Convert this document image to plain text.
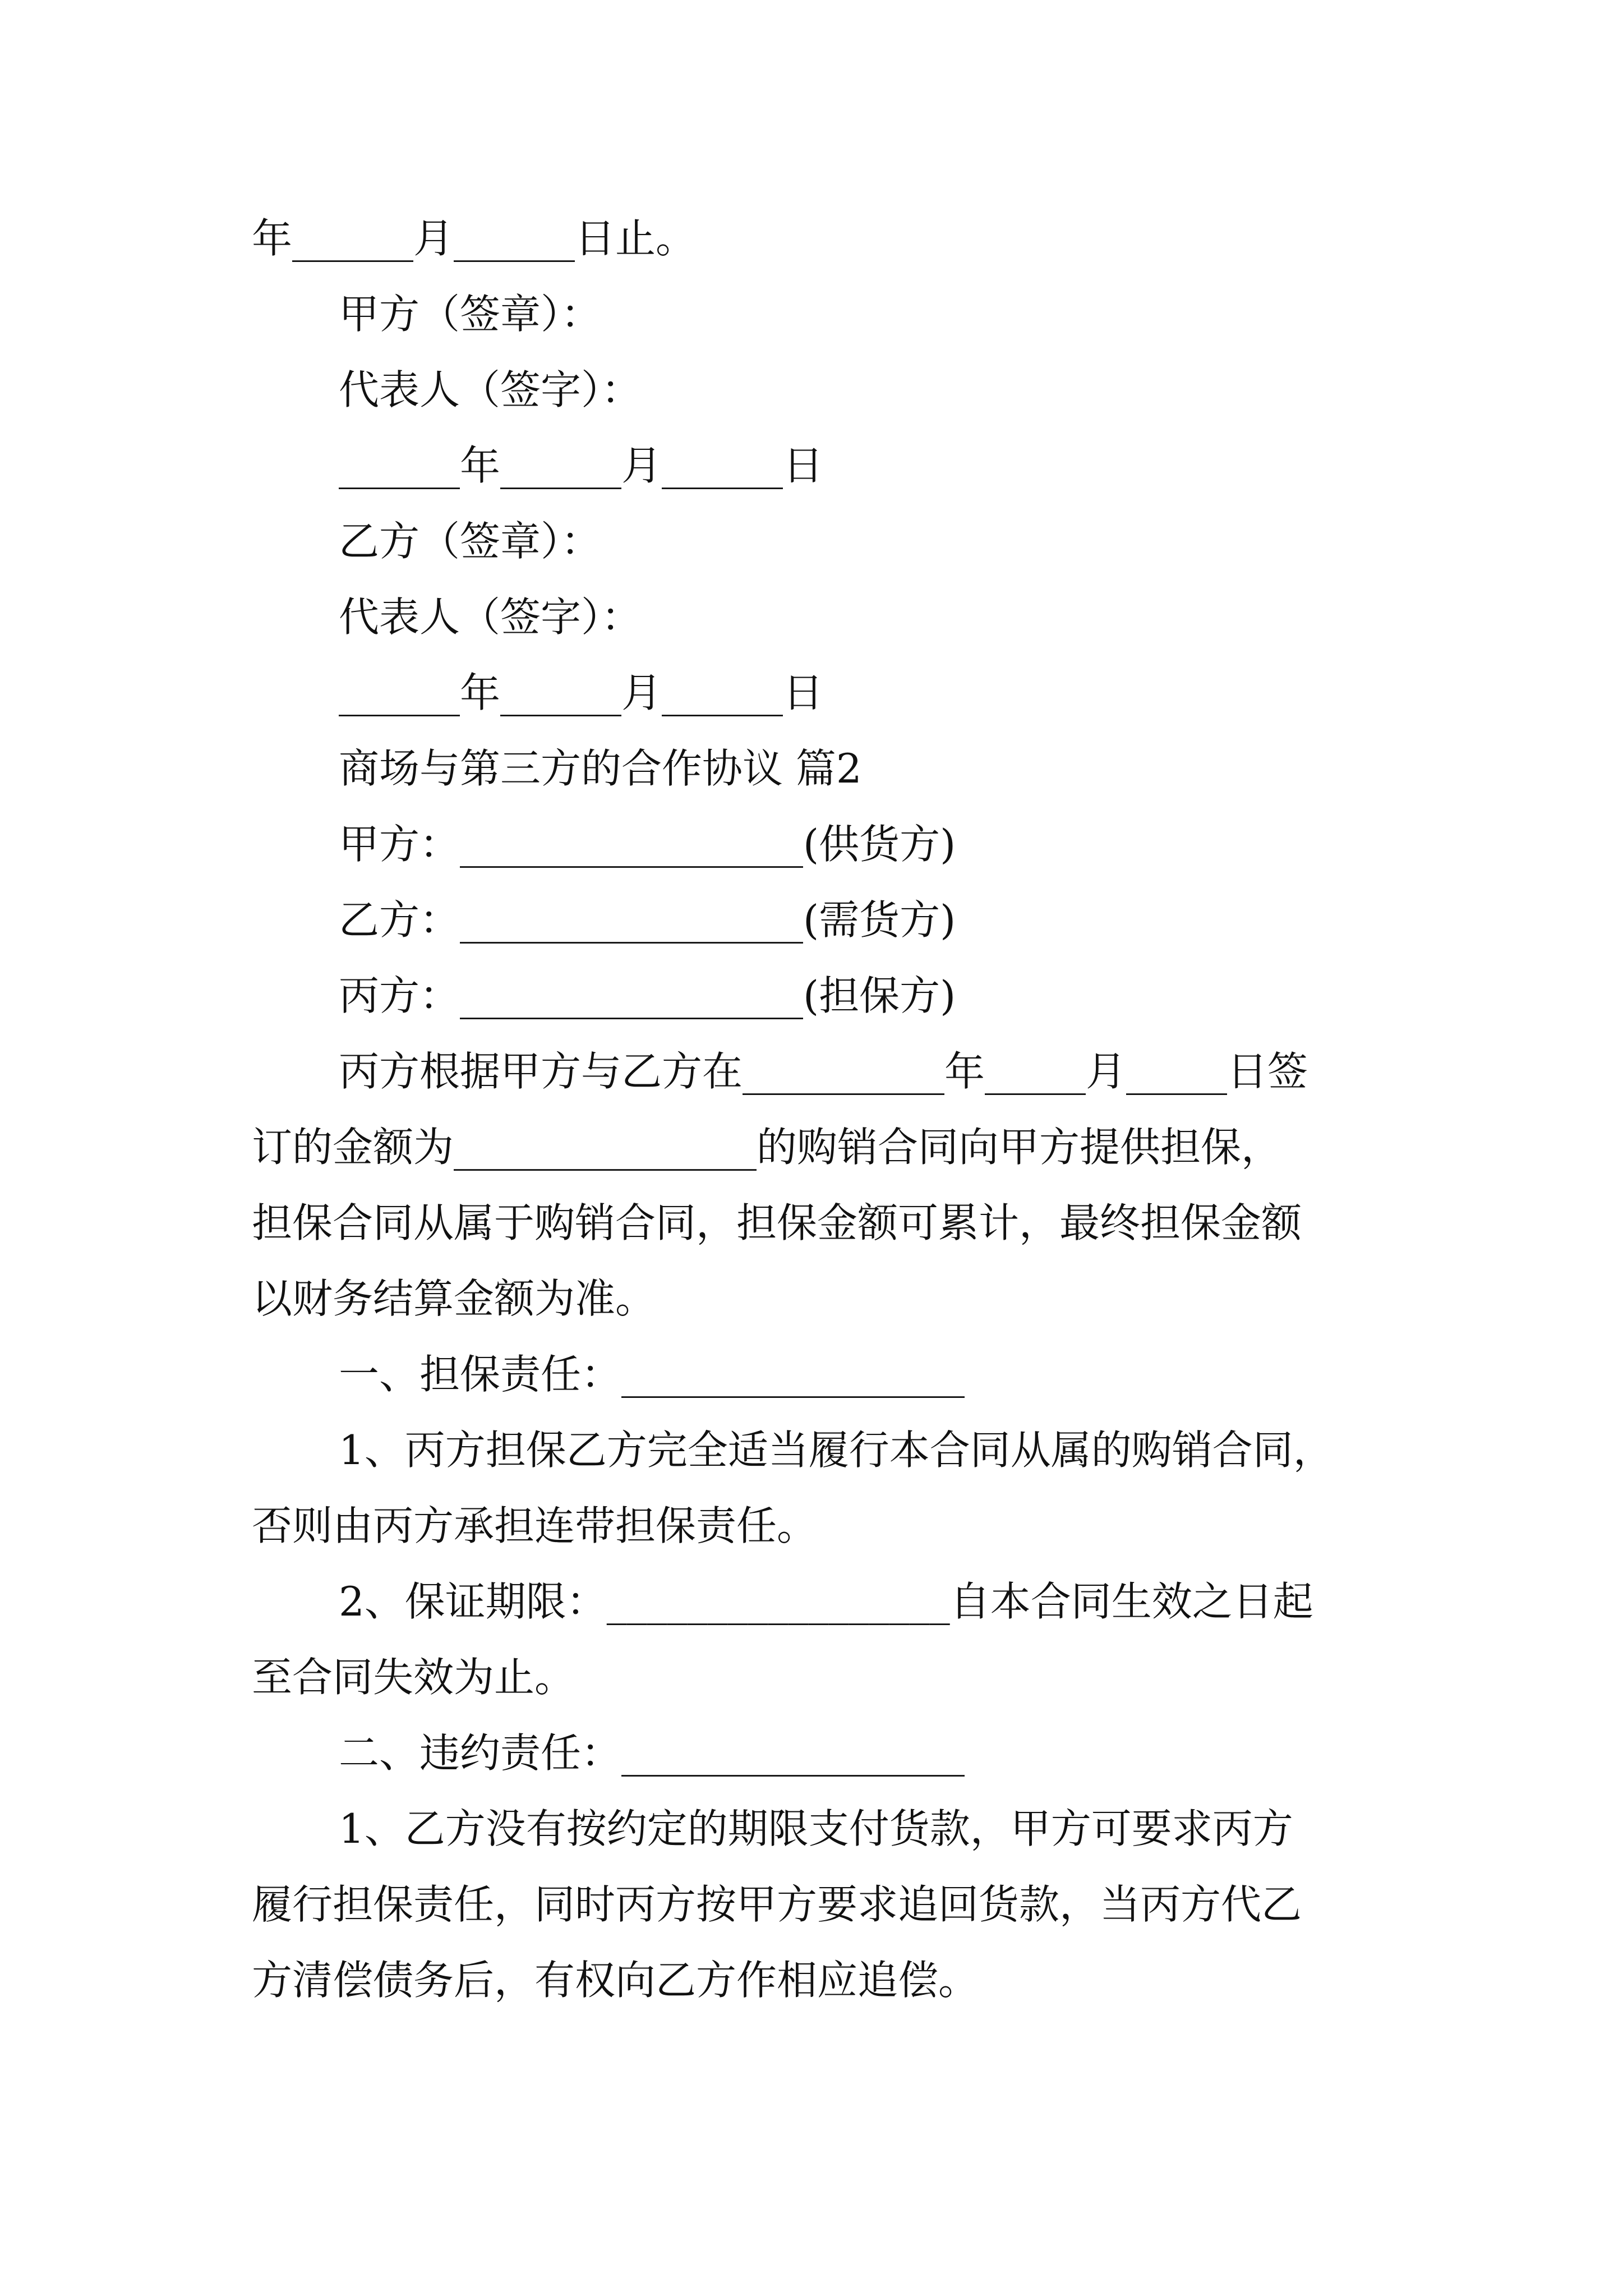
年______月______日止。

甲方（签章）：

代表人（签字）：

______年______月______日

乙方（签章）：

代表人（签字）：

______年______月______日

商场与第三方的合作协议 篇2

甲方：_________________(供货方)

乙方：_________________(需货方)

丙方：_________________(担保方)

丙方根据甲方与乙方在__________年_____月_____日签

订的金额为_______________的购销合同向甲方提供担保，

担保合同从属于购销合同，担保金额可累计，最终担保金额

以财务结算金额为准。

一、担保责任：_________________

1、丙方担保乙方完全适当履行本合同从属的购销合同，

否则由丙方承担连带担保责任。

2、保证期限：_________________自本合同生效之日起

至合同失效为止。

二、违约责任：_________________

1、乙方没有按约定的期限支付货款，甲方可要求丙方

履行担保责任，同时丙方按甲方要求追回货款，当丙方代乙

方清偿债务后，有权向乙方作相应追偿。
